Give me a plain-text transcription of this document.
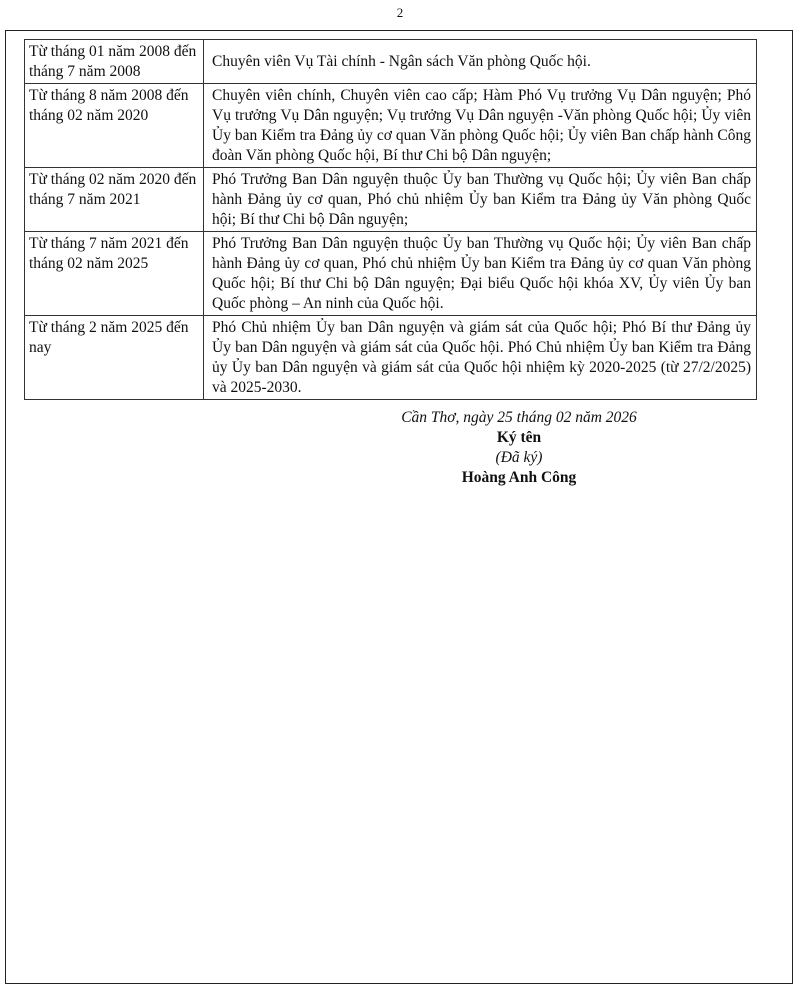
2
Từ tháng 01 năm 2008 đến tháng 7 năm 2008	Chuyên viên Vụ Tài chính - Ngân sách Văn phòng Quốc hội.
Từ tháng 8 năm 2008 đến tháng 02 năm 2020	Chuyên viên chính, Chuyên viên cao cấp; Hàm Phó Vụ trưởng Vụ Dân nguyện; Phó Vụ trưởng Vụ Dân nguyện; Vụ trưởng Vụ Dân nguyện -Văn phòng Quốc hội; Ủy viên Ủy ban Kiểm tra Đảng ủy cơ quan Văn phòng Quốc hội; Ủy viên Ban chấp hành Công đoàn Văn phòng Quốc hội, Bí thư Chi bộ Dân nguyện;
Từ tháng 02 năm 2020 đến tháng 7 năm 2021	Phó Trưởng Ban Dân nguyện thuộc Ủy ban Thường vụ Quốc hội; Ủy viên Ban chấp hành Đảng ủy cơ quan, Phó chủ nhiệm Ủy ban Kiểm tra Đảng ủy Văn phòng Quốc hội; Bí thư Chi bộ Dân nguyện;
Từ tháng 7 năm 2021 đến tháng 02 năm 2025	Phó Trưởng Ban Dân nguyện thuộc Ủy ban Thường vụ Quốc hội; Ủy viên Ban chấp hành Đảng ủy cơ quan, Phó chủ nhiệm Ủy ban Kiểm tra Đảng ủy cơ quan Văn phòng Quốc hội; Bí thư Chi bộ Dân nguyện; Đại biểu Quốc hội khóa XV, Ủy viên Ủy ban Quốc phòng – An ninh của Quốc hội.
Từ tháng 2 năm 2025 đến nay	Phó Chủ nhiệm Ủy ban Dân nguyện và giám sát của Quốc hội; Phó Bí thư Đảng ủy Ủy ban Dân nguyện và giám sát của Quốc hội. Phó Chủ nhiệm Ủy ban Kiểm tra Đảng ủy Ủy ban Dân nguyện và giám sát của Quốc hội nhiệm kỳ 2020-2025 (từ 27/2/2025) và 2025-2030.
Cần Thơ, ngày 25 tháng 02 năm 2026
Ký tên
(Đã ký)
Hoàng Anh Công
